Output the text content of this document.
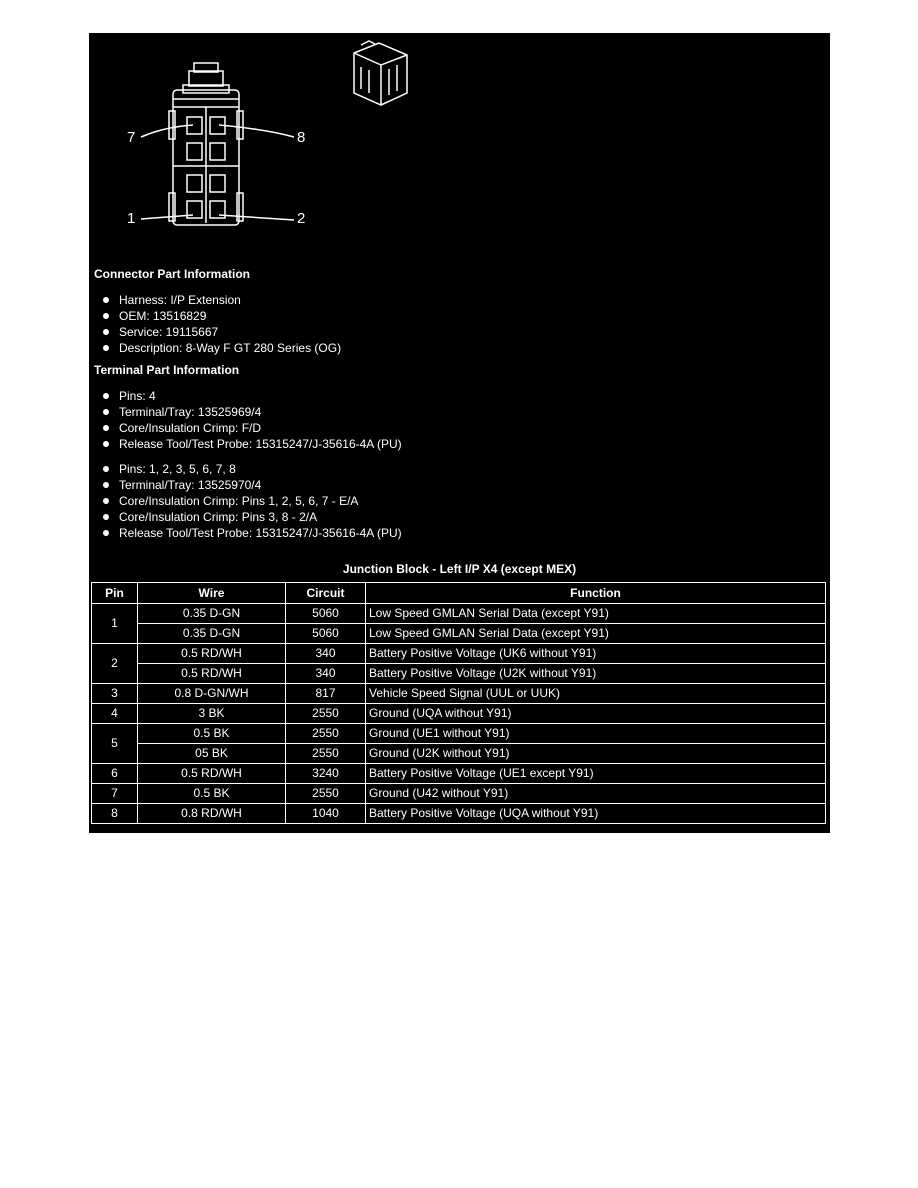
7	8
1	2
Connector Part Information
Harness: I/P Extension
OEM: 13516829
Service: 19115667
Description: 8-Way F GT 280 Series (OG)
Terminal Part Information
Pins: 4
Terminal/Tray: 13525969/4
Core/Insulation Crimp: F/D
Release Tool/Test Probe: 15315247/J-35616-4A (PU)
Pins: 1, 2, 3, 5, 6, 7, 8
Terminal/Tray: 13525970/4
Core/Insulation Crimp: Pins 1, 2, 5, 6, 7 - E/A
Core/Insulation Crimp: Pins 3, 8 - 2/A
Release Tool/Test Probe: 15315247/J-35616-4A (PU)
Junction Block - Left I/P X4 (except MEX)
Pin	Wire	Circuit	Function
1	0.35 D-GN	5060	Low Speed GMLAN Serial Data (except Y91)
	0.35 D-GN	5060	Low Speed GMLAN Serial Data (except Y91)
2	0.5 RD/WH	340	Battery Positive Voltage (UK6 without Y91)
	0.5 RD/WH	340	Battery Positive Voltage (U2K without Y91)
3	0.8 D-GN/WH	817	Vehicle Speed Signal (UUL or UUK)
4	3 BK	2550	Ground (UQA without Y91)
5	0.5 BK	2550	Ground (UE1 without Y91)
	05 BK	2550	Ground (U2K without Y91)
6	0.5 RD/WH	3240	Battery Positive Voltage (UE1 except Y91)
7	0.5 BK	2550	Ground (U42 without Y91)
8	0.8 RD/WH	1040	Battery Positive Voltage (UQA without Y91)
